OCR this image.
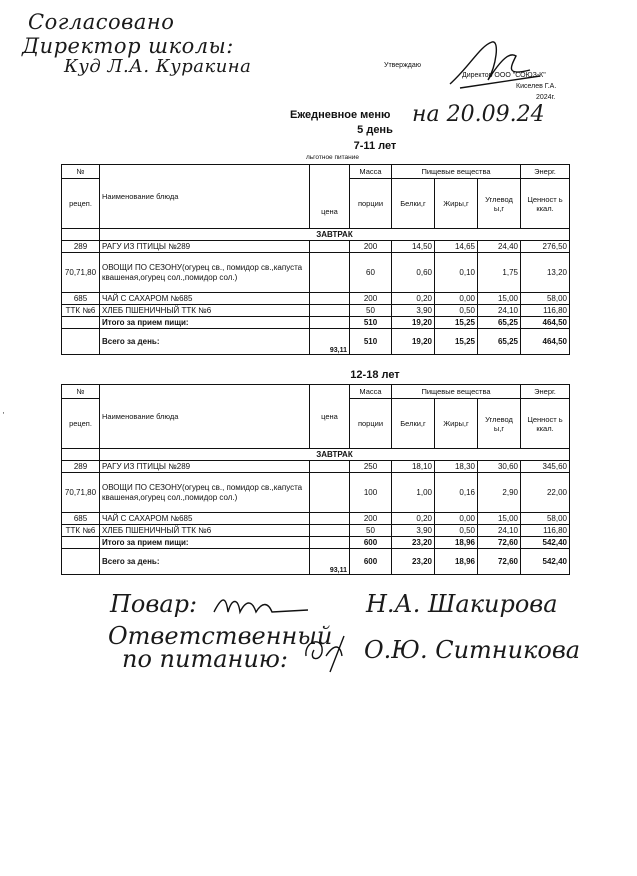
Согласовано
Директор школы:
Куд Л.А. Куракина	Утверждаю
Директор ООО "СОЮЗ-К"
Киселев Г.А.
2024г.
Ежедневное меню на 20.09.24
5 день
7-11 лет
льготное питание
№	Наименование блюда	цена	Масса	Пищевые вещества			Энерг.
рецеп.			порции	Белки,г	Жиры,г	Углевод ы,г	Ценност ь ккал.
	ЗАВТРАК						
289	РАГУ ИЗ ПТИЦЫ №289		200	14,50	14,65	24,40	276,50
70,71,80	ОВОЩИ ПО СЕЗОНУ(огурец св., помидор св.,капуста квашеная,огурец сол.,помидор сол.)		60	0,60	0,10	1,75	13,20
685	ЧАЙ С САХАРОМ №685		200	0,20	0,00	15,00	58,00
ТТК №6	ХЛЕБ ПШЕНИЧНЫЙ ТТК №6		50	3,90	0,50	24,10	116,80
	Итого за прием пищи:		510	19,20	15,25	65,25	464,50
	Всего за день:	93,11	510	19,20	15,25	65,25	464,50
12-18 лет
№	Наименование блюда	цена	Масса	Пищевые вещества			Энерг.
рецеп.			порции	Белки,г	Жиры,г	Углевод ы,г	Ценност ь ккал.
	ЗАВТРАК						
289	РАГУ ИЗ ПТИЦЫ №289		250	18,10	18,30	30,60	345,60
70,71,80	ОВОЩИ ПО СЕЗОНУ(огурец св., помидор св.,капуста квашеная,огурец сол.,помидор сол.)		100	1,00	0,16	2,90	22,00
685	ЧАЙ С САХАРОМ №685		200	0,20	0,00	15,00	58,00
ТТК №6	ХЛЕБ ПШЕНИЧНЫЙ ТТК №6		50	3,90	0,50	24,10	116,80
	Итого за прием пищи:		600	23,20	18,96	72,60	542,40
	Всего за день:	93,11	600	23,20	18,96	72,60	542,40
Повар:	Н.А. Шакирова
Ответственный
по питанию:	О.Ю. Ситникова
·
